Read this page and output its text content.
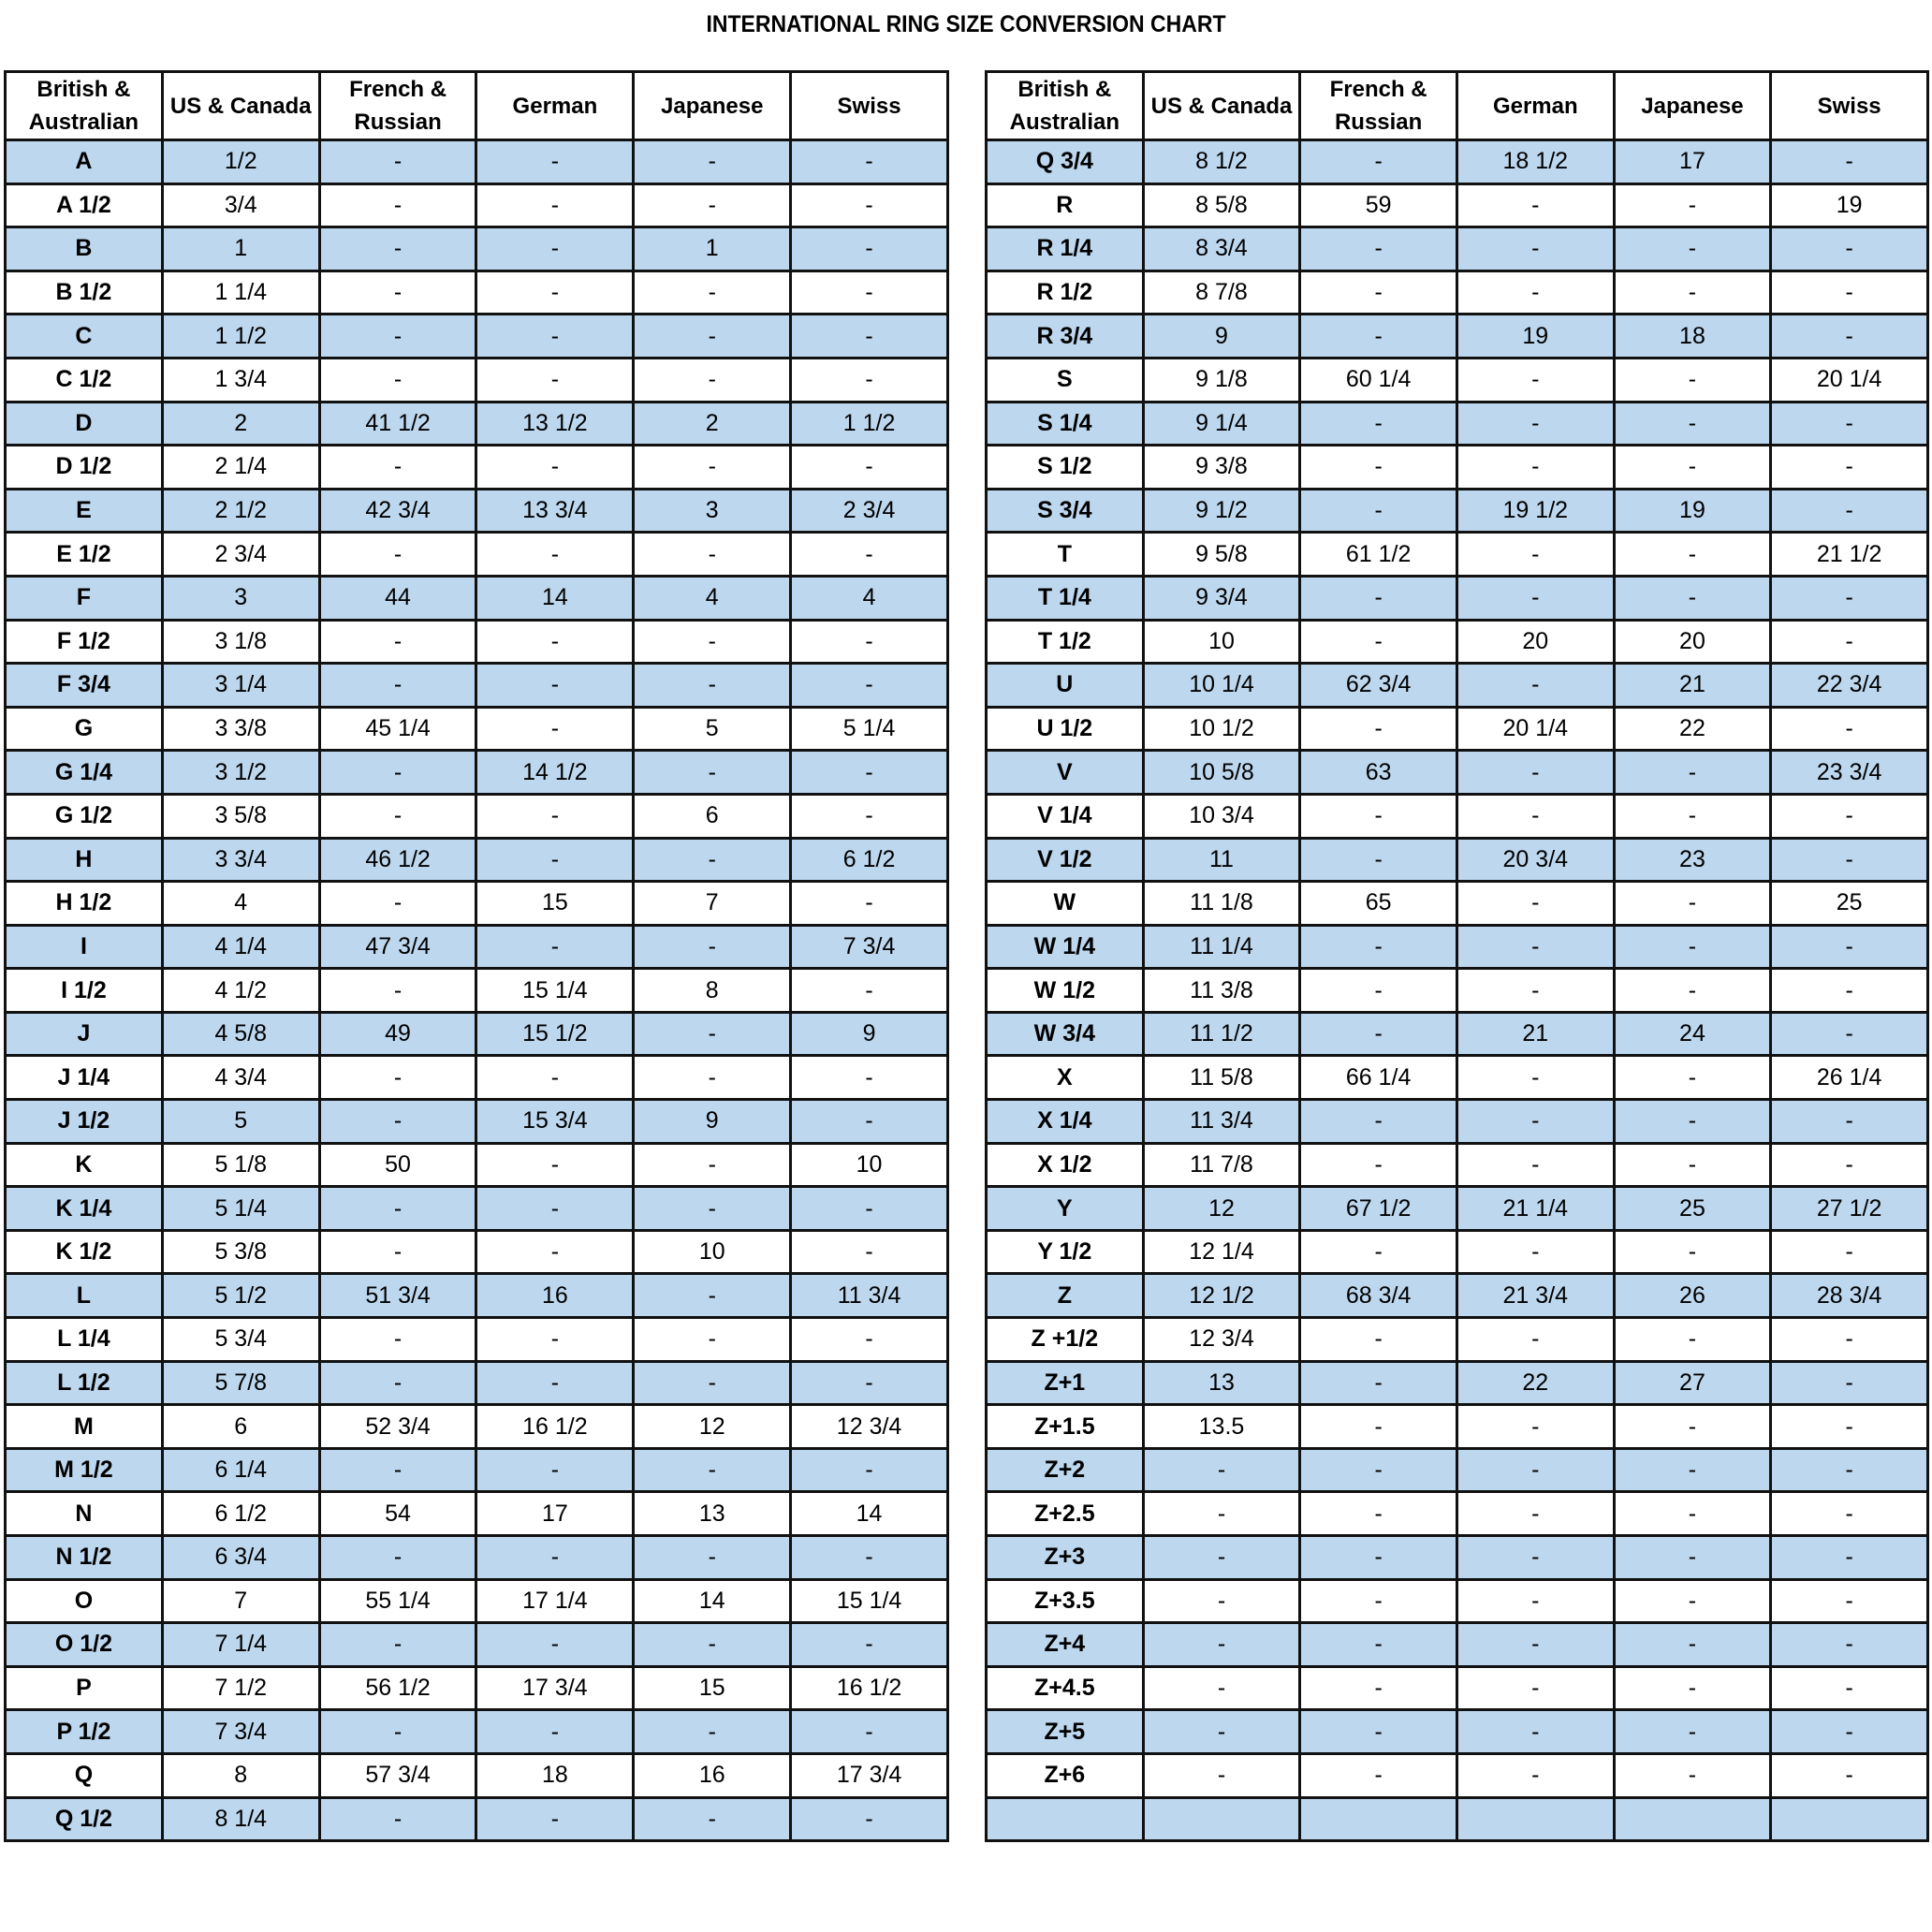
INTERNATIONAL RING SIZE CONVERSION CHART
British & Australian	US & Canada	French & Russian	German	Japanese	Swiss
A	1/2	-	-	-	-
A 1/2	3/4	-	-	-	-
B	1	-	-	1	-
B 1/2	1 1/4	-	-	-	-
C	1 1/2	-	-	-	-
C 1/2	1 3/4	-	-	-	-
D	2	41 1/2	13 1/2	2	1 1/2
D 1/2	2 1/4	-	-	-	-
E	2 1/2	42 3/4	13 3/4	3	2 3/4
E 1/2	2 3/4	-	-	-	-
F	3	44	14	4	4
F 1/2	3 1/8	-	-	-	-
F 3/4	3 1/4	-	-	-	-
G	3 3/8	45 1/4	-	5	5 1/4
G 1/4	3 1/2	-	14 1/2	-	-
G 1/2	3 5/8	-	-	6	-
H	3 3/4	46 1/2	-	-	6 1/2
H 1/2	4	-	15	7	-
I	4 1/4	47 3/4	-	-	7 3/4
I 1/2	4 1/2	-	15 1/4	8	-
J	4 5/8	49	15 1/2	-	9
J 1/4	4 3/4	-	-	-	-
J 1/2	5	-	15 3/4	9	-
K	5 1/8	50	-	-	10
K 1/4	5 1/4	-	-	-	-
K 1/2	5 3/8	-	-	10	-
L	5 1/2	51 3/4	16	-	11 3/4
L 1/4	5 3/4	-	-	-	-
L 1/2	5 7/8	-	-	-	-
M	6	52 3/4	16 1/2	12	12 3/4
M 1/2	6 1/4	-	-	-	-
N	6 1/2	54	17	13	14
N 1/2	6 3/4	-	-	-	-
O	7	55 1/4	17 1/4	14	15 1/4
O 1/2	7 1/4	-	-	-	-
P	7 1/2	56 1/2	17 3/4	15	16 1/2
P 1/2	7 3/4	-	-	-	-
Q	8	57 3/4	18	16	17 3/4
Q 1/2	8 1/4	-	-	-	-
British & Australian	US & Canada	French & Russian	German	Japanese	Swiss
Q 3/4	8 1/2	-	18 1/2	17	-
R	8 5/8	59	-	-	19
R 1/4	8 3/4	-	-	-	-
R 1/2	8 7/8	-	-	-	-
R 3/4	9	-	19	18	-
S	9 1/8	60 1/4	-	-	20 1/4
S 1/4	9 1/4	-	-	-	-
S 1/2	9 3/8	-	-	-	-
S 3/4	9 1/2	-	19 1/2	19	-
T	9 5/8	61 1/2	-	-	21 1/2
T 1/4	9 3/4	-	-	-	-
T 1/2	10	-	20	20	-
U	10 1/4	62 3/4	-	21	22 3/4
U 1/2	10 1/2	-	20 1/4	22	-
V	10 5/8	63	-	-	23 3/4
V 1/4	10 3/4	-	-	-	-
V 1/2	11	-	20 3/4	23	-
W	11 1/8	65	-	-	25
W 1/4	11 1/4	-	-	-	-
W 1/2	11 3/8	-	-	-	-
W 3/4	11 1/2	-	21	24	-
X	11 5/8	66 1/4	-	-	26 1/4
X 1/4	11 3/4	-	-	-	-
X 1/2	11 7/8	-	-	-	-
Y	12	67 1/2	21 1/4	25	27 1/2
Y 1/2	12 1/4	-	-	-	-
Z	12 1/2	68 3/4	21 3/4	26	28 3/4
Z +1/2	12 3/4	-	-	-	-
Z+1	13	-	22	27	-
Z+1.5	13.5	-	-	-	-
Z+2	-	-	-	-	-
Z+2.5	-	-	-	-	-
Z+3	-	-	-	-	-
Z+3.5	-	-	-	-	-
Z+4	-	-	-	-	-
Z+4.5	-	-	-	-	-
Z+5	-	-	-	-	-
Z+6	-	-	-	-	-
